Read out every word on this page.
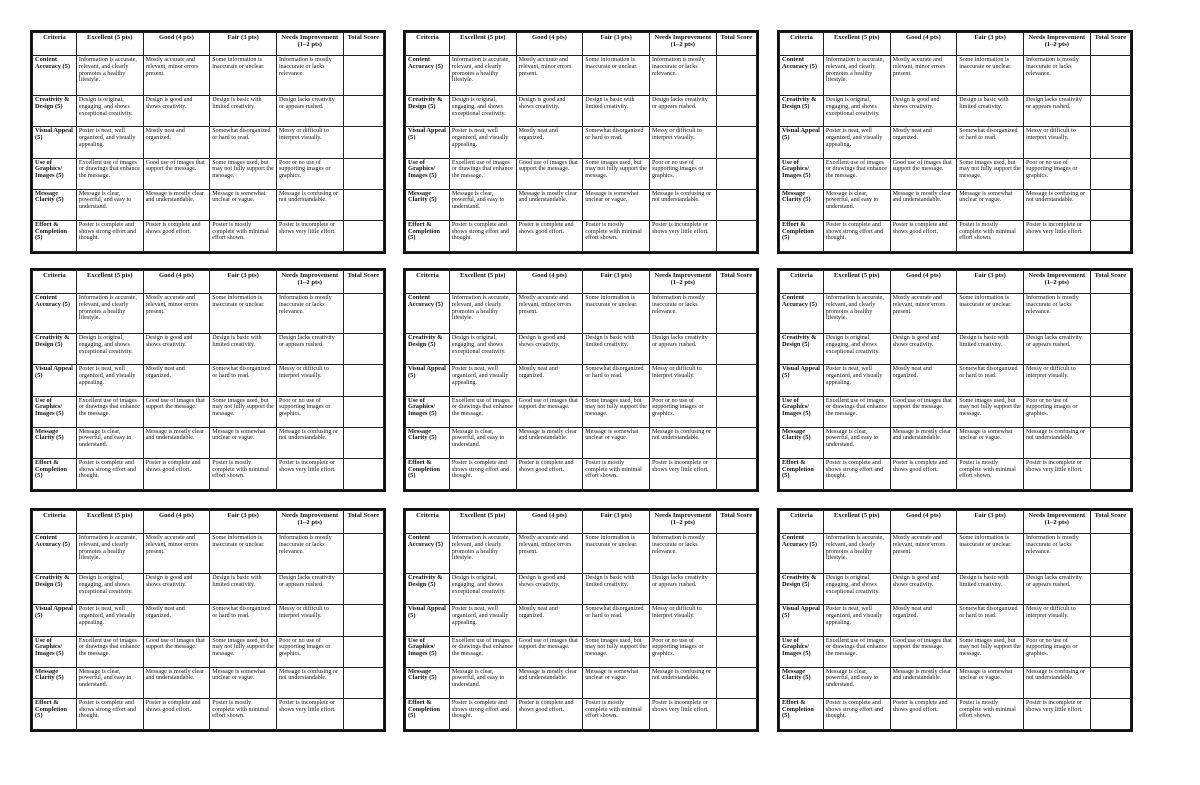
Criteria	Excellent (5 pts)	Good (4 pts)	Fair (3 pts)	Needs Improvement (1–2 pts)	Total Score
Content Accuracy (5)	Information is accurate, relevant, and clearly promotes a healthy lifestyle.	Mostly accurate and relevant, minor errors present.	Some information is inaccurate or unclear.	Information is mostly inaccurate or lacks relevance.	
Creativity & Design (5)	Design is original, engaging, and shows exceptional creativity.	Design is good and shows creativity.	Design is basic with limited creativity.	Design lacks creativity or appears rushed.	
Visual Appeal (5)	Poster is neat, well organized, and visually appealing.	Mostly neat and organized.	Somewhat disorganized or hard to read.	Messy or difficult to interpret visually.	
Use of Graphics/ Images (5)	Excellent use of images or drawings that enhance the message.	Good use of images that support the message.	Some images used, but may not fully support the message.	Poor or no use of supporting images or graphics.	
Message Clarity (5)	Message is clear, powerful, and easy to understand.	Message is mostly clear and understandable.	Message is somewhat unclear or vague.	Message is confusing or not understandable.	
Effort & Completion (5)	Poster is complete and shows strong effort and thought.	Poster is complete and shows good effort.	Poster is mostly complete with minimal effort shown.	Poster is incomplete or shows very little effort.	
Criteria	Excellent (5 pts)	Good (4 pts)	Fair (3 pts)	Needs Improvement (1–2 pts)	Total Score
Content Accuracy (5)	Information is accurate, relevant, and clearly promotes a healthy lifestyle.	Mostly accurate and relevant, minor errors present.	Some information is inaccurate or unclear.	Information is mostly inaccurate or lacks relevance.	
Creativity & Design (5)	Design is original, engaging, and shows exceptional creativity.	Design is good and shows creativity.	Design is basic with limited creativity.	Design lacks creativity or appears rushed.	
Visual Appeal (5)	Poster is neat, well organized, and visually appealing.	Mostly neat and organized.	Somewhat disorganized or hard to read.	Messy or difficult to interpret visually.	
Use of Graphics/ Images (5)	Excellent use of images or drawings that enhance the message.	Good use of images that support the message.	Some images used, but may not fully support the message.	Poor or no use of supporting images or graphics.	
Message Clarity (5)	Message is clear, powerful, and easy to understand.	Message is mostly clear and understandable.	Message is somewhat unclear or vague.	Message is confusing or not understandable.	
Effort & Completion (5)	Poster is complete and shows strong effort and thought.	Poster is complete and shows good effort.	Poster is mostly complete with minimal effort shown.	Poster is incomplete or shows very little effort.	
Criteria	Excellent (5 pts)	Good (4 pts)	Fair (3 pts)	Needs Improvement (1–2 pts)	Total Score
Content Accuracy (5)	Information is accurate, relevant, and clearly promotes a healthy lifestyle.	Mostly accurate and relevant, minor errors present.	Some information is inaccurate or unclear.	Information is mostly inaccurate or lacks relevance.	
Creativity & Design (5)	Design is original, engaging, and shows exceptional creativity.	Design is good and shows creativity.	Design is basic with limited creativity.	Design lacks creativity or appears rushed.	
Visual Appeal (5)	Poster is neat, well organized, and visually appealing.	Mostly neat and organized.	Somewhat disorganized or hard to read.	Messy or difficult to interpret visually.	
Use of Graphics/ Images (5)	Excellent use of images or drawings that enhance the message.	Good use of images that support the message.	Some images used, but may not fully support the message.	Poor or no use of supporting images or graphics.	
Message Clarity (5)	Message is clear, powerful, and easy to understand.	Message is mostly clear and understandable.	Message is somewhat unclear or vague.	Message is confusing or not understandable.	
Effort & Completion (5)	Poster is complete and shows strong effort and thought.	Poster is complete and shows good effort.	Poster is mostly complete with minimal effort shown.	Poster is incomplete or shows very little effort.	
Criteria	Excellent (5 pts)	Good (4 pts)	Fair (3 pts)	Needs Improvement (1–2 pts)	Total Score
Content Accuracy (5)	Information is accurate, relevant, and clearly promotes a healthy lifestyle.	Mostly accurate and relevant, minor errors present.	Some information is inaccurate or unclear.	Information is mostly inaccurate or lacks relevance.	
Creativity & Design (5)	Design is original, engaging, and shows exceptional creativity.	Design is good and shows creativity.	Design is basic with limited creativity.	Design lacks creativity or appears rushed.	
Visual Appeal (5)	Poster is neat, well organized, and visually appealing.	Mostly neat and organized.	Somewhat disorganized or hard to read.	Messy or difficult to interpret visually.	
Use of Graphics/ Images (5)	Excellent use of images or drawings that enhance the message.	Good use of images that support the message.	Some images used, but may not fully support the message.	Poor or no use of supporting images or graphics.	
Message Clarity (5)	Message is clear, powerful, and easy to understand.	Message is mostly clear and understandable.	Message is somewhat unclear or vague.	Message is confusing or not understandable.	
Effort & Completion (5)	Poster is complete and shows strong effort and thought.	Poster is complete and shows good effort.	Poster is mostly complete with minimal effort shown.	Poster is incomplete or shows very little effort.	
Criteria	Excellent (5 pts)	Good (4 pts)	Fair (3 pts)	Needs Improvement (1–2 pts)	Total Score
Content Accuracy (5)	Information is accurate, relevant, and clearly promotes a healthy lifestyle.	Mostly accurate and relevant, minor errors present.	Some information is inaccurate or unclear.	Information is mostly inaccurate or lacks relevance.	
Creativity & Design (5)	Design is original, engaging, and shows exceptional creativity.	Design is good and shows creativity.	Design is basic with limited creativity.	Design lacks creativity or appears rushed.	
Visual Appeal (5)	Poster is neat, well organized, and visually appealing.	Mostly neat and organized.	Somewhat disorganized or hard to read.	Messy or difficult to interpret visually.	
Use of Graphics/ Images (5)	Excellent use of images or drawings that enhance the message.	Good use of images that support the message.	Some images used, but may not fully support the message.	Poor or no use of supporting images or graphics.	
Message Clarity (5)	Message is clear, powerful, and easy to understand.	Message is mostly clear and understandable.	Message is somewhat unclear or vague.	Message is confusing or not understandable.	
Effort & Completion (5)	Poster is complete and shows strong effort and thought.	Poster is complete and shows good effort.	Poster is mostly complete with minimal effort shown.	Poster is incomplete or shows very little effort.	
Criteria	Excellent (5 pts)	Good (4 pts)	Fair (3 pts)	Needs Improvement (1–2 pts)	Total Score
Content Accuracy (5)	Information is accurate, relevant, and clearly promotes a healthy lifestyle.	Mostly accurate and relevant, minor errors present.	Some information is inaccurate or unclear.	Information is mostly inaccurate or lacks relevance.	
Creativity & Design (5)	Design is original, engaging, and shows exceptional creativity.	Design is good and shows creativity.	Design is basic with limited creativity.	Design lacks creativity or appears rushed.	
Visual Appeal (5)	Poster is neat, well organized, and visually appealing.	Mostly neat and organized.	Somewhat disorganized or hard to read.	Messy or difficult to interpret visually.	
Use of Graphics/ Images (5)	Excellent use of images or drawings that enhance the message.	Good use of images that support the message.	Some images used, but may not fully support the message.	Poor or no use of supporting images or graphics.	
Message Clarity (5)	Message is clear, powerful, and easy to understand.	Message is mostly clear and understandable.	Message is somewhat unclear or vague.	Message is confusing or not understandable.	
Effort & Completion (5)	Poster is complete and shows strong effort and thought.	Poster is complete and shows good effort.	Poster is mostly complete with minimal effort shown.	Poster is incomplete or shows very little effort.	
Criteria	Excellent (5 pts)	Good (4 pts)	Fair (3 pts)	Needs Improvement (1–2 pts)	Total Score
Content Accuracy (5)	Information is accurate, relevant, and clearly promotes a healthy lifestyle.	Mostly accurate and relevant, minor errors present.	Some information is inaccurate or unclear.	Information is mostly inaccurate or lacks relevance.	
Creativity & Design (5)	Design is original, engaging, and shows exceptional creativity.	Design is good and shows creativity.	Design is basic with limited creativity.	Design lacks creativity or appears rushed.	
Visual Appeal (5)	Poster is neat, well organized, and visually appealing.	Mostly neat and organized.	Somewhat disorganized or hard to read.	Messy or difficult to interpret visually.	
Use of Graphics/ Images (5)	Excellent use of images or drawings that enhance the message.	Good use of images that support the message.	Some images used, but may not fully support the message.	Poor or no use of supporting images or graphics.	
Message Clarity (5)	Message is clear, powerful, and easy to understand.	Message is mostly clear and understandable.	Message is somewhat unclear or vague.	Message is confusing or not understandable.	
Effort & Completion (5)	Poster is complete and shows strong effort and thought.	Poster is complete and shows good effort.	Poster is mostly complete with minimal effort shown.	Poster is incomplete or shows very little effort.	
Criteria	Excellent (5 pts)	Good (4 pts)	Fair (3 pts)	Needs Improvement (1–2 pts)	Total Score
Content Accuracy (5)	Information is accurate, relevant, and clearly promotes a healthy lifestyle.	Mostly accurate and relevant, minor errors present.	Some information is inaccurate or unclear.	Information is mostly inaccurate or lacks relevance.	
Creativity & Design (5)	Design is original, engaging, and shows exceptional creativity.	Design is good and shows creativity.	Design is basic with limited creativity.	Design lacks creativity or appears rushed.	
Visual Appeal (5)	Poster is neat, well organized, and visually appealing.	Mostly neat and organized.	Somewhat disorganized or hard to read.	Messy or difficult to interpret visually.	
Use of Graphics/ Images (5)	Excellent use of images or drawings that enhance the message.	Good use of images that support the message.	Some images used, but may not fully support the message.	Poor or no use of supporting images or graphics.	
Message Clarity (5)	Message is clear, powerful, and easy to understand.	Message is mostly clear and understandable.	Message is somewhat unclear or vague.	Message is confusing or not understandable.	
Effort & Completion (5)	Poster is complete and shows strong effort and thought.	Poster is complete and shows good effort.	Poster is mostly complete with minimal effort shown.	Poster is incomplete or shows very little effort.	
Criteria	Excellent (5 pts)	Good (4 pts)	Fair (3 pts)	Needs Improvement (1–2 pts)	Total Score
Content Accuracy (5)	Information is accurate, relevant, and clearly promotes a healthy lifestyle.	Mostly accurate and relevant, minor errors present.	Some information is inaccurate or unclear.	Information is mostly inaccurate or lacks relevance.	
Creativity & Design (5)	Design is original, engaging, and shows exceptional creativity.	Design is good and shows creativity.	Design is basic with limited creativity.	Design lacks creativity or appears rushed.	
Visual Appeal (5)	Poster is neat, well organized, and visually appealing.	Mostly neat and organized.	Somewhat disorganized or hard to read.	Messy or difficult to interpret visually.	
Use of Graphics/ Images (5)	Excellent use of images or drawings that enhance the message.	Good use of images that support the message.	Some images used, but may not fully support the message.	Poor or no use of supporting images or graphics.	
Message Clarity (5)	Message is clear, powerful, and easy to understand.	Message is mostly clear and understandable.	Message is somewhat unclear or vague.	Message is confusing or not understandable.	
Effort & Completion (5)	Poster is complete and shows strong effort and thought.	Poster is complete and shows good effort.	Poster is mostly complete with minimal effort shown.	Poster is incomplete or shows very little effort.	
